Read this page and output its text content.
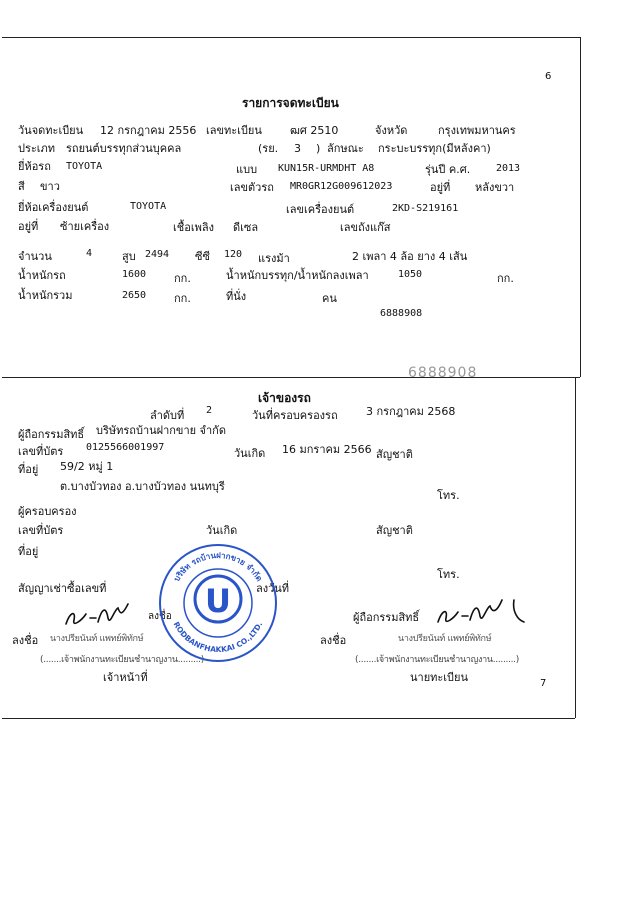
6
7
รายการจดทะเบียน
วันจดทะเบียน 12 กรกฎาคม 2556 เลขทะเบียน	ฒศ 2510	จังหวัด	กรุงเทพมหานคร
ประเภท รถยนต์บรรทุกส่วนบุคคล	(รย. 3 ) ลักษณะ กระบะบรรทุก(มีหลังคา)
ยี่ห้อรถ TOYOTA	แบบ KUN15R-URMDHT A8	รุ่นปี ค.ศ.	2013
สี ขาว	เลขตัวรถ MR0GR12G009612023	อยู่ที่ หลังขวา
ยี่ห้อเครื่องยนต์	TOYOTA	เลขเครื่องยนต์	2KD-S219161
อยู่ที่ ซ้ายเครื่อง	เชื้อเพลิง ดีเซล	เลขถังแก๊ส
จำนวน	4	สูบ 2494 ซีซี 120 แรงม้า	2 เพลา 4 ล้อ ยาง 4 เส้น
น้ำหนักรถ	1600	กก.	น้ำหนักบรรทุก/น้ำหนักลงเพลา	1050	กก.
น้ำหนักรวม	2650	กก.	ที่นั่ง	คน
6888908
6888908
เจ้าของรถ
ลำดับที่ 2	วันที่ครอบครองรถ	3 กรกฎาคม 2568
ผู้ถือกรรมสิทธิ์ บริษัทรถบ้านฝากขาย จำกัด
เลขที่บัตร 0125566001997	วันเกิด 16 มกราคม 2566 สัญชาติ
ที่อยู่ 59/2 หมู่ 1
ต.บางบัวทอง อ.บางบัวทอง นนทบุรี
โทร.
ผู้ครอบครอง
เลขที่บัตร	วันเกิด	สัญชาติ
ที่อยู่
โทร.
สัญญาเช่าซื้อเลขที่	ลงวันที่
ลงชื่อ	ผู้ถือกรรมสิทธิ์
ลงชื่อ นางปรียนันท์ แพทย์พิทักษ์	ลงชื่อ	นางปรียนันท์ แพทย์พิทักษ์
(.......เจ้าพนักงานทะเบียนชำนาญงาน.........)	(.......เจ้าพนักงานทะเบียนชำนาญงาน.........)
เจ้าหน้าที่	นายทะเบียน
U
บริษัท รถบ้านฝากขาย จำกัด
RODBANFHAKKAI CO.,LTD.
